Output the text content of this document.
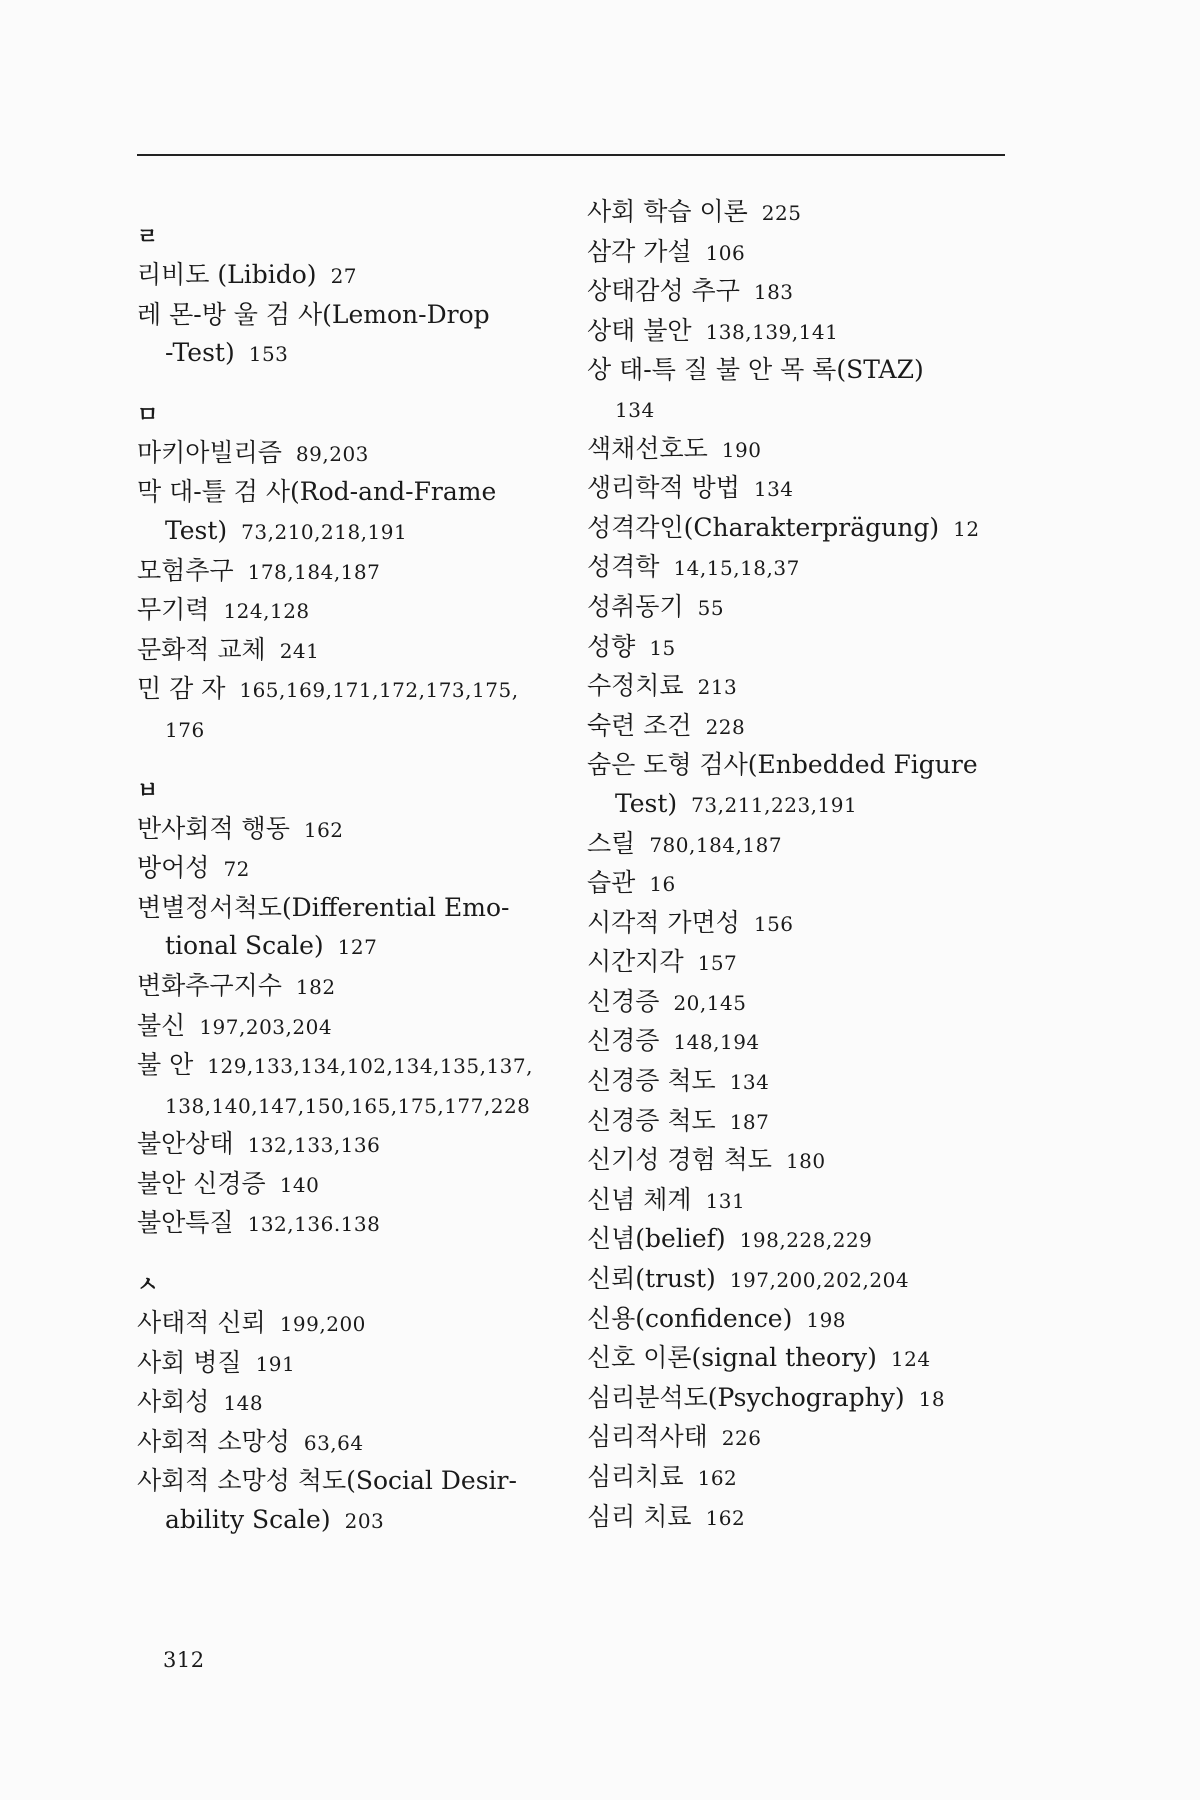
ㄹ
리비도 (Libido) 27
레 몬-방 울 검 사(Lemon-Drop
-Test) 153
ㅁ
마키아빌리즘 89,203
막 대-틀 검 사(Rod-and-Frame
Test) 73,210,218,191
모험추구 178,184,187
무기력 124,128
문화적 교체 241
민 감 자 165,169,171,172,173,175,
176
ㅂ
반사회적 행동 162
방어성 72
변별정서척도(Differential Emo-
tional Scale) 127
변화추구지수 182
불신 197,203,204
불 안 129,133,134,102,134,135,137,
138,140,147,150,165,175,177,228
불안상태 132,133,136
불안 신경증 140
불안특질 132,136.138
ㅅ
사태적 신뢰 199,200
사회 병질 191
사회성 148
사회적 소망성 63,64
사회적 소망성 척도(Social Desir-
ability Scale) 203
사회 학습 이론 225
삼각 가설 106
상태감성 추구 183
상태 불안 138,139,141
상 태-특 질 불 안 목 록(STAZ)
134
색채선호도 190
생리학적 방법 134
성격각인(Charakterprägung) 12
성격학 14,15,18,37
성취동기 55
성향 15
수정치료 213
숙련 조건 228
숨은 도형 검사(Enbedded Figure
Test) 73,211,223,191
스릴 780,184,187
습관 16
시각적 가면성 156
시간지각 157
신경증 20,145
신경증 148,194
신경증 척도 134
신경증 척도 187
신기성 경험 척도 180
신념 체계 131
신념(belief) 198,228,229
신뢰(trust) 197,200,202,204
신용(confidence) 198
신호 이론(signal theory) 124
심리분석도(Psychography) 18
심리적사태 226
심리치료 162
심리 치료 162
312
